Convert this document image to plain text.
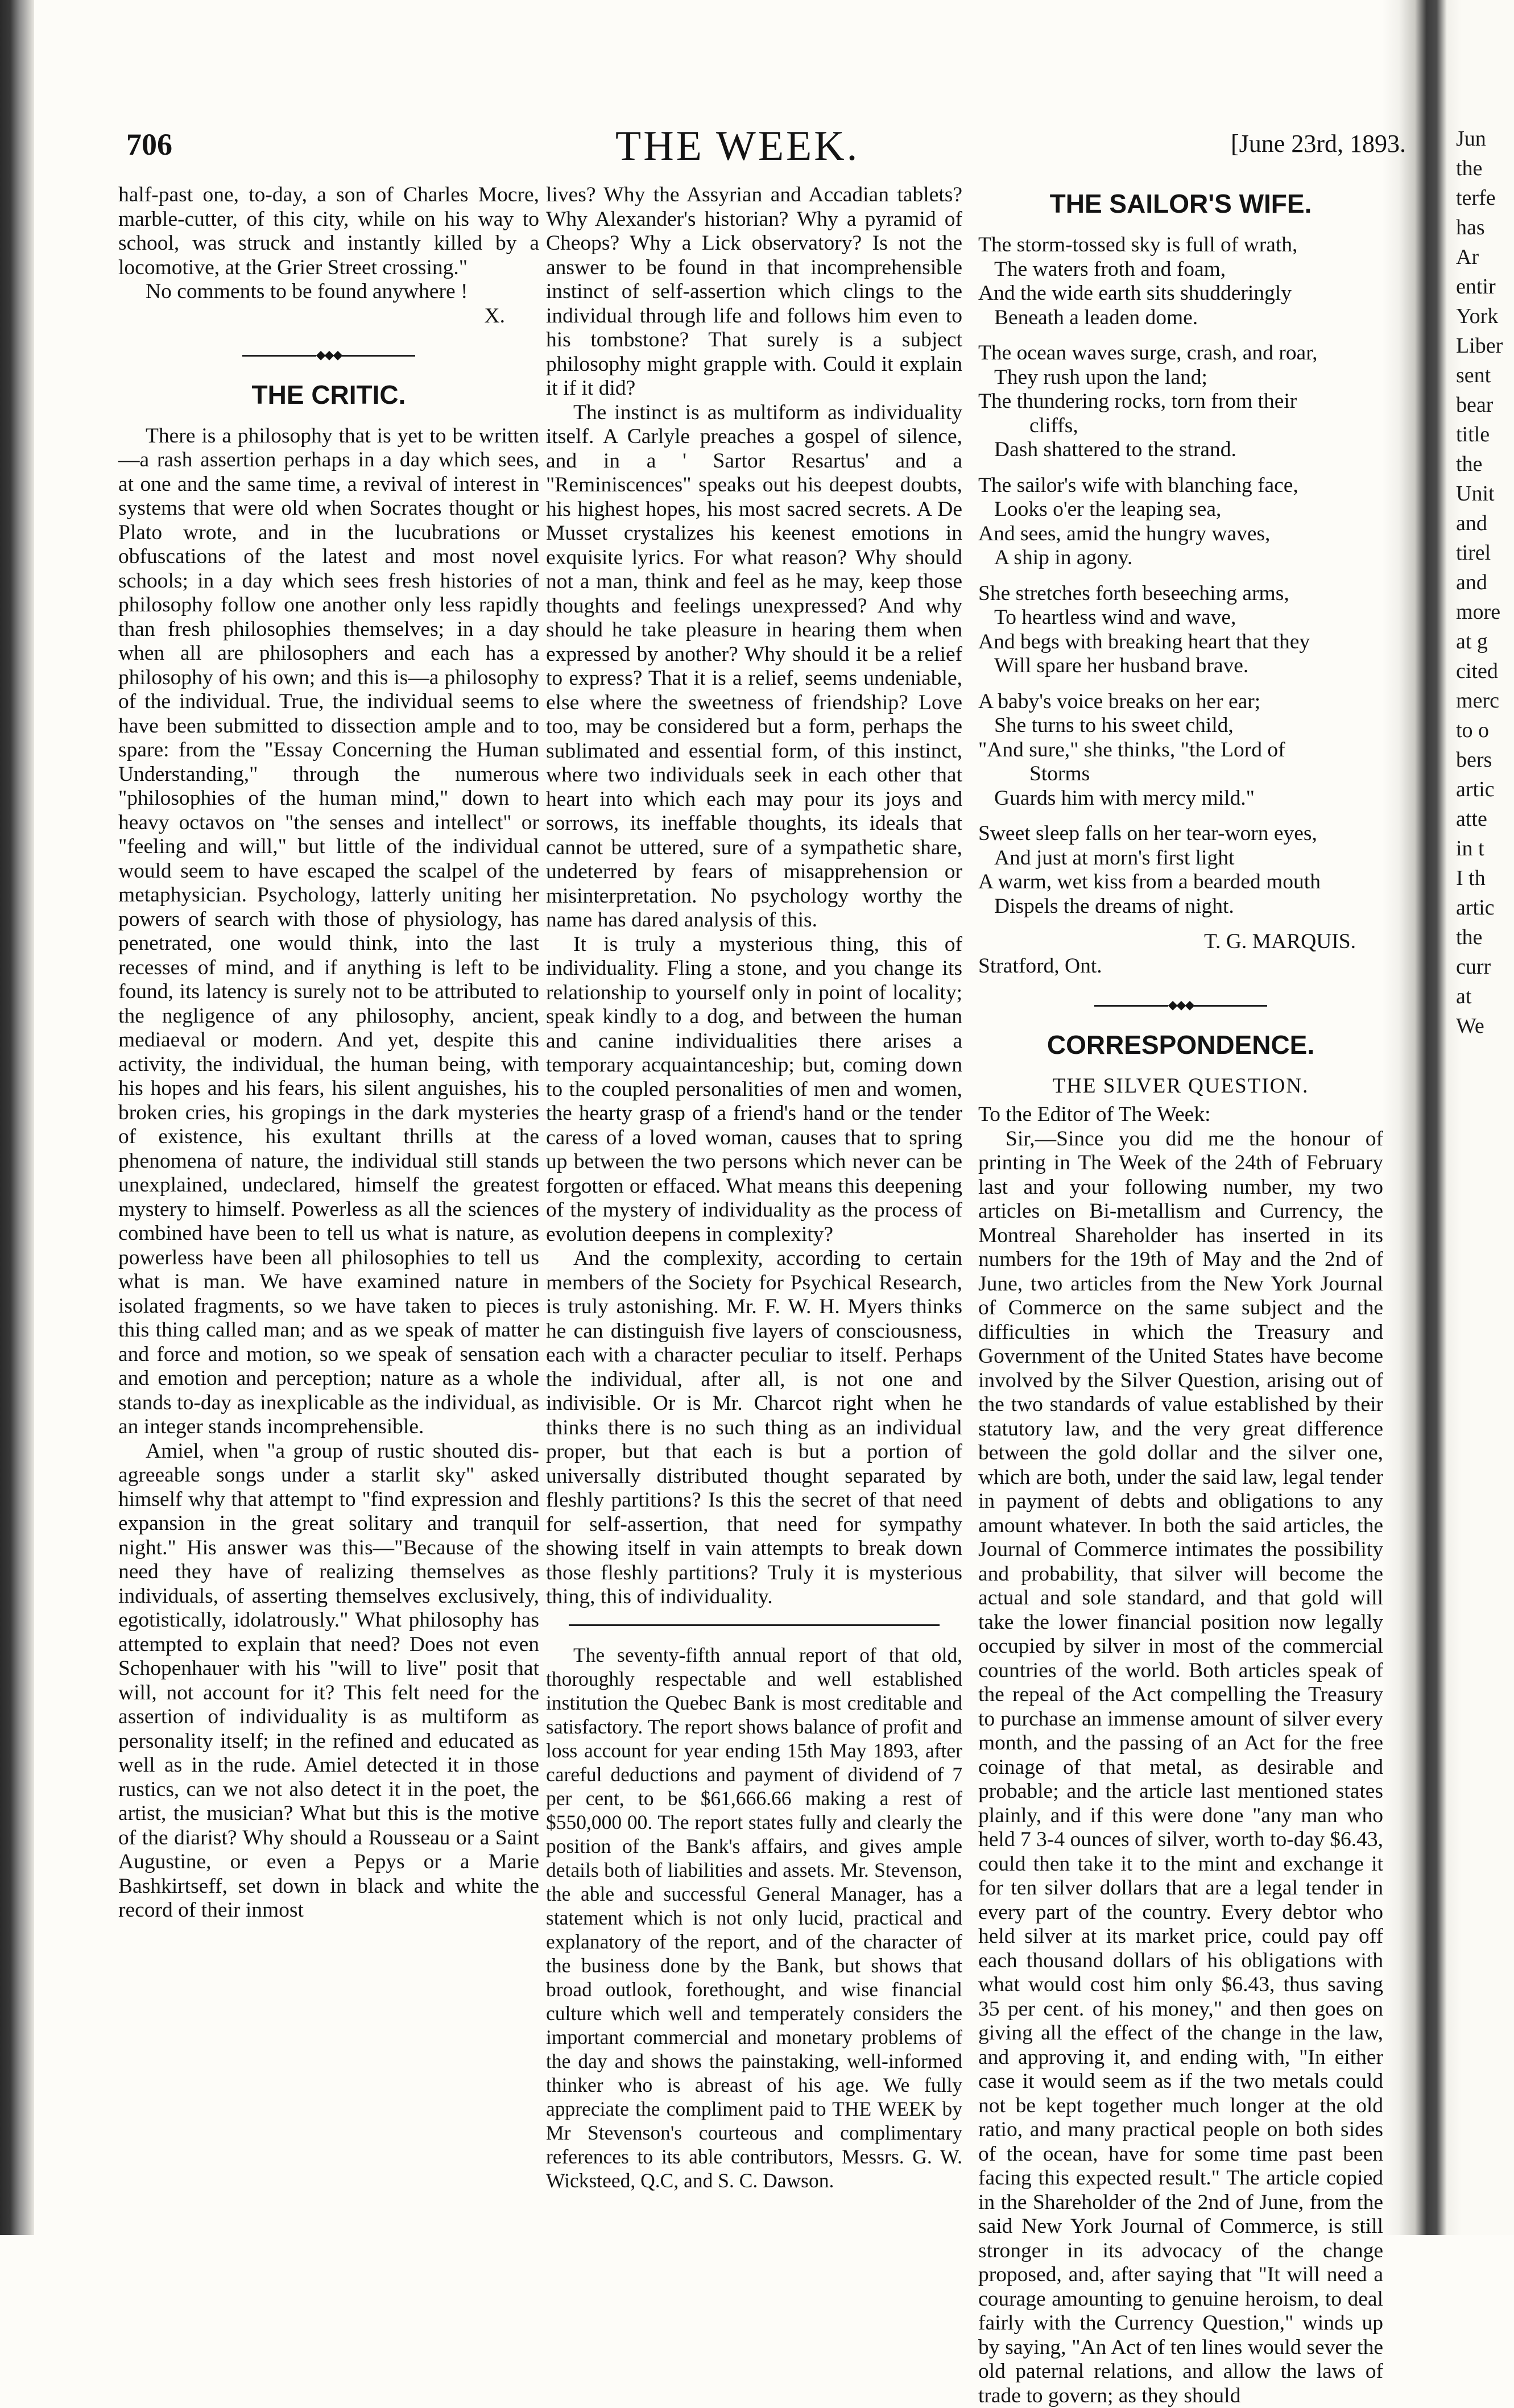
Jun
the
terfe
has
Ar
entir
York
Liber
sent
bear
title
the
Unit
and
tirel
and
more
at g
cited
merc
to o
bers
artic
atte
in t
I th
artic
the
curr
at
We
706	THE WEEK.	[June 23rd, 1893.

half-past one, to-day, a son of Charles Mocre, marble-cutter, of this city, while on his way to school, was struck and instantly killed by a locomotive, at the Grier Street crossing."

No comments to be found anywhere !

X.

◆◆◆
THE CRITIC.

There is a philosophy that is yet to be written—a rash assertion perhaps in a day which sees, at one and the same time, a revival of interest in systems that were old when Socrates thought or Plato wrote, and in the lucubrations or obfuscations of the latest and most novel schools; in a day which sees fresh histories of philosophy follow one another only less rapidly than fresh philosophies themselves; in a day when all are philosophers and each has a philosophy of his own; and this is—a philosophy of the individual. True, the individual seems to have been submitted to dissection ample and to spare: from the "Essay Concerning the Human Understanding," through the numerous "philosophies of the human mind," down to heavy octavos on "the senses and intellect" or "feeling and will," but little of the individual would seem to have escaped the scalpel of the metaphysician. Psychology, latterly uniting her powers of search with those of physiology, has penetrated, one would think, into the last recesses of mind, and if anything is left to be found, its latency is surely not to be attributed to the negligence of any philosophy, ancient, mediaeval or modern. And yet, despite this activity, the individual, the human being, with his hopes and his fears, his silent anguishes, his broken cries, his gropings in the dark mysteries of existence, his exultant thrills at the phenomena of nature, the individual still stands unexplained, undeclared, himself the greatest mystery to himself. Powerless as all the sciences combined have been to tell us what is nature, as powerless have been all philosophies to tell us what is man. We have examined nature in isolated fragments, so we have taken to pieces this thing called man; and as we speak of matter and force and motion, so we speak of sensation and emotion and perception; nature as a whole stands to-day as inexplicable as the individual, as an integer stands incomprehensible.

Amiel, when "a group of rustic shouted dis-agreeable songs under a starlit sky" asked himself why that attempt to "find expression and expansion in the great solitary and tranquil night." His answer was this—"Because of the need they have of realizing themselves as individuals, of asserting themselves exclusively, egotistically, idolatrously." What philosophy has attempted to explain that need? Does not even Schopenhauer with his "will to live" posit that will, not account for it? This felt need for the assertion of individuality is as multiform as personality itself; in the refined and educated as well as in the rude. Amiel detected it in those rustics, can we not also detect it in the poet, the artist, the musician? What but this is the motive of the diarist? Why should a Rousseau or a Saint Augustine, or even a Pepys or a Marie Bashkirtseff, set down in black and white the record of their inmost

lives? Why the Assyrian and Accadian tablets? Why Alexander's historian? Why a pyramid of Cheops? Why a Lick observatory? Is not the answer to be found in that incomprehensible instinct of self-assertion which clings to the individual through life and follows him even to his tombstone? That surely is a subject philosophy might grapple with. Could it explain it if it did?

The instinct is as multiform as individuality itself. A Carlyle preaches a gospel of silence, and in a ' Sartor Resartus' and a "Reminiscences" speaks out his deepest doubts, his highest hopes, his most sacred secrets. A De Musset crystalizes his keenest emotions in exquisite lyrics. For what reason? Why should not a man, think and feel as he may, keep those thoughts and feelings unexpressed? And why should he take pleasure in hearing them when expressed by another? Why should it be a relief to express? That it is a relief, seems undeniable, else where the sweetness of friendship? Love too, may be considered but a form, perhaps the sublimated and essential form, of this instinct, where two individuals seek in each other that heart into which each may pour its joys and sorrows, its ineffable thoughts, its ideals that cannot be uttered, sure of a sympathetic share, undeterred by fears of misapprehension or misinterpretation. No psychology worthy the name has dared analysis of this.

It is truly a mysterious thing, this of individuality. Fling a stone, and you change its relationship to yourself only in point of locality; speak kindly to a dog, and between the human and canine individualities there arises a temporary acquaintanceship; but, coming down to the coupled personalities of men and women, the hearty grasp of a friend's hand or the tender caress of a loved woman, causes that to spring up between the two persons which never can be forgotten or effaced. What means this deepening of the mystery of individuality as the process of evolution deepens in complexity?

And the complexity, according to certain members of the Society for Psychical Research, is truly astonishing. Mr. F. W. H. Myers thinks he can distinguish five layers of consciousness, each with a character peculiar to itself. Perhaps the individual, after all, is not one and indivisible. Or is Mr. Charcot right when he thinks there is no such thing as an individual proper, but that each is but a portion of universally distributed thought separated by fleshly partitions? Is this the secret of that need for self-assertion, that need for sympathy showing itself in vain attempts to break down those fleshly partitions? Truly it is mysterious thing, this of individuality.

The seventy-fifth annual report of that old, thoroughly respectable and well established institution the Quebec Bank is most creditable and satisfactory. The report shows balance of profit and loss account for year ending 15th May 1893, after careful deductions and payment of dividend of 7 per cent, to be $61,666.66 making a rest of $550,000 00. The report states fully and clearly the position of the Bank's affairs, and gives ample details both of liabilities and assets. Mr. Stevenson, the able and successful General Manager, has a statement which is not only lucid, practical and explanatory of the report, and of the character of the business done by the Bank, but shows that broad outlook, forethought, and wise financial culture which well and temperately considers the important commercial and monetary problems of the day and shows the painstaking, well-informed thinker who is abreast of his age. We fully appreciate the compliment paid to THE WEEK by Mr Stevenson's courteous and complimentary references to its able contributors, Messrs. G. W. Wicksteed, Q.C, and S. C. Dawson.

THE SAILOR'S WIFE.

The storm-tossed sky is full of wrath,

The waters froth and foam,

And the wide earth sits shudderingly

Beneath a leaden dome.

The ocean waves surge, crash, and roar,

They rush upon the land;

The thundering rocks, torn from their

cliffs,

Dash shattered to the strand.

The sailor's wife with blanching face,

Looks o'er the leaping sea,

And sees, amid the hungry waves,

A ship in agony.

She stretches forth beseeching arms,

To heartless wind and wave,

And begs with breaking heart that they

Will spare her husband brave.

A baby's voice breaks on her ear;

She turns to his sweet child,

"And sure," she thinks, "the Lord of

Storms

Guards him with mercy mild."

Sweet sleep falls on her tear-worn eyes,

And just at morn's first light

A warm, wet kiss from a bearded mouth

Dispels the dreams of night.

T. G. MARQUIS.

Stratford, Ont.

◆◆◆
CORRESPONDENCE.
THE SILVER QUESTION.

To the Editor of The Week:

Sir,—Since you did me the honour of printing in The Week of the 24th of February last and your following number, my two articles on Bi-metallism and Currency, the Montreal Shareholder has inserted in its numbers for the 19th of May and the 2nd of June, two articles from the New York Journal of Commerce on the same subject and the difficulties in which the Treasury and Government of the United States have become involved by the Silver Question, arising out of the two standards of value established by their statutory law, and the very great difference between the gold dollar and the silver one, which are both, under the said law, legal tender in payment of debts and obligations to any amount whatever. In both the said articles, the Journal of Commerce intimates the possibility and probability, that silver will become the actual and sole standard, and that gold will take the lower financial position now legally occupied by silver in most of the commercial countries of the world. Both articles speak of the repeal of the Act compelling the Treasury to purchase an immense amount of silver every month, and the passing of an Act for the free coinage of that metal, as desirable and probable; and the article last mentioned states plainly, and if this were done "any man who held 7 3-4 ounces of silver, worth to-day $6.43, could then take it to the mint and exchange it for ten silver dollars that are a legal tender in every part of the country. Every debtor who held silver at its market price, could pay off each thousand dollars of his obligations with what would cost him only $6.43, thus saving 35 per cent. of his money," and then goes on giving all the effect of the change in the law, and approving it, and ending with, "In either case it would seem as if the two metals could not be kept together much longer at the old ratio, and many practical people on both sides of the ocean, have for some time past been facing this expected result." The article copied in the Shareholder of the 2nd of June, from the said New York Journal of Commerce, is still stronger in its advocacy of the change proposed, and, after saying that "It will need a courage amounting to genuine heroism, to deal fairly with the Currency Question," winds up by saying, "An Act of ten lines would sever the old paternal relations, and allow the laws of trade to govern; as they should
